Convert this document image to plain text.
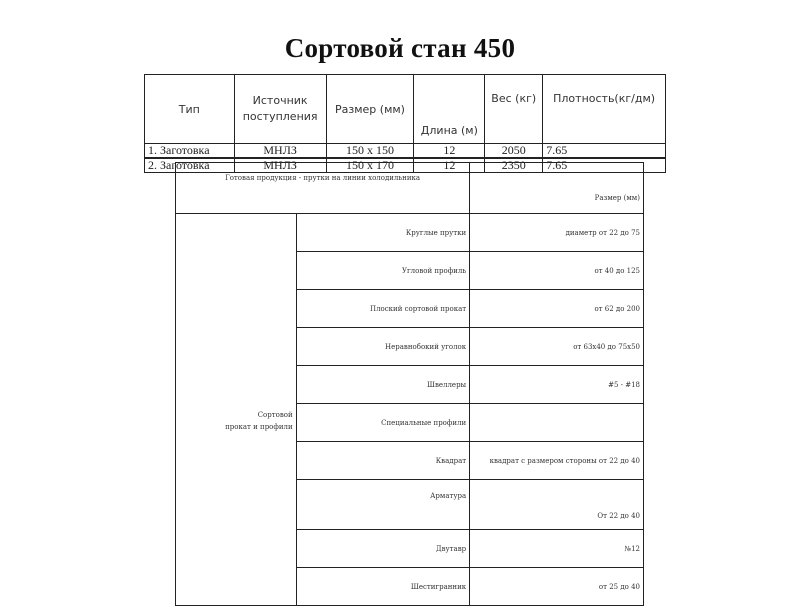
Сортовой стан 450
Тип	Источник поступления	Размер (мм)	Длина (м)	Вес (кг)	Плотность(кг/дм)
1. Заготовка	МНЛЗ	150 x 150	12	2050	7.65
2. Заготовка	МНЛЗ	150 x 170	12	2350	7.65
Готовая продукция - прутки на линии холодильника		Размер (мм)

Сортовой
прокат и профили	Круглые прутки	диаметр от 22 до 75
	Угловой профиль	от 40 до 125
	Плоский сортовой прокат	от 62 до 200
	Неравнобокий уголок	от 63x40 до 75x50
	Швеллеры	#5 - #18
	Специальные профили	
	Квадрат	квадрат с размером стороны от 22 до 40
	Арматура	От 22 до 40
	Двутавр	№12
	Шестигранник	от 25 до 40
